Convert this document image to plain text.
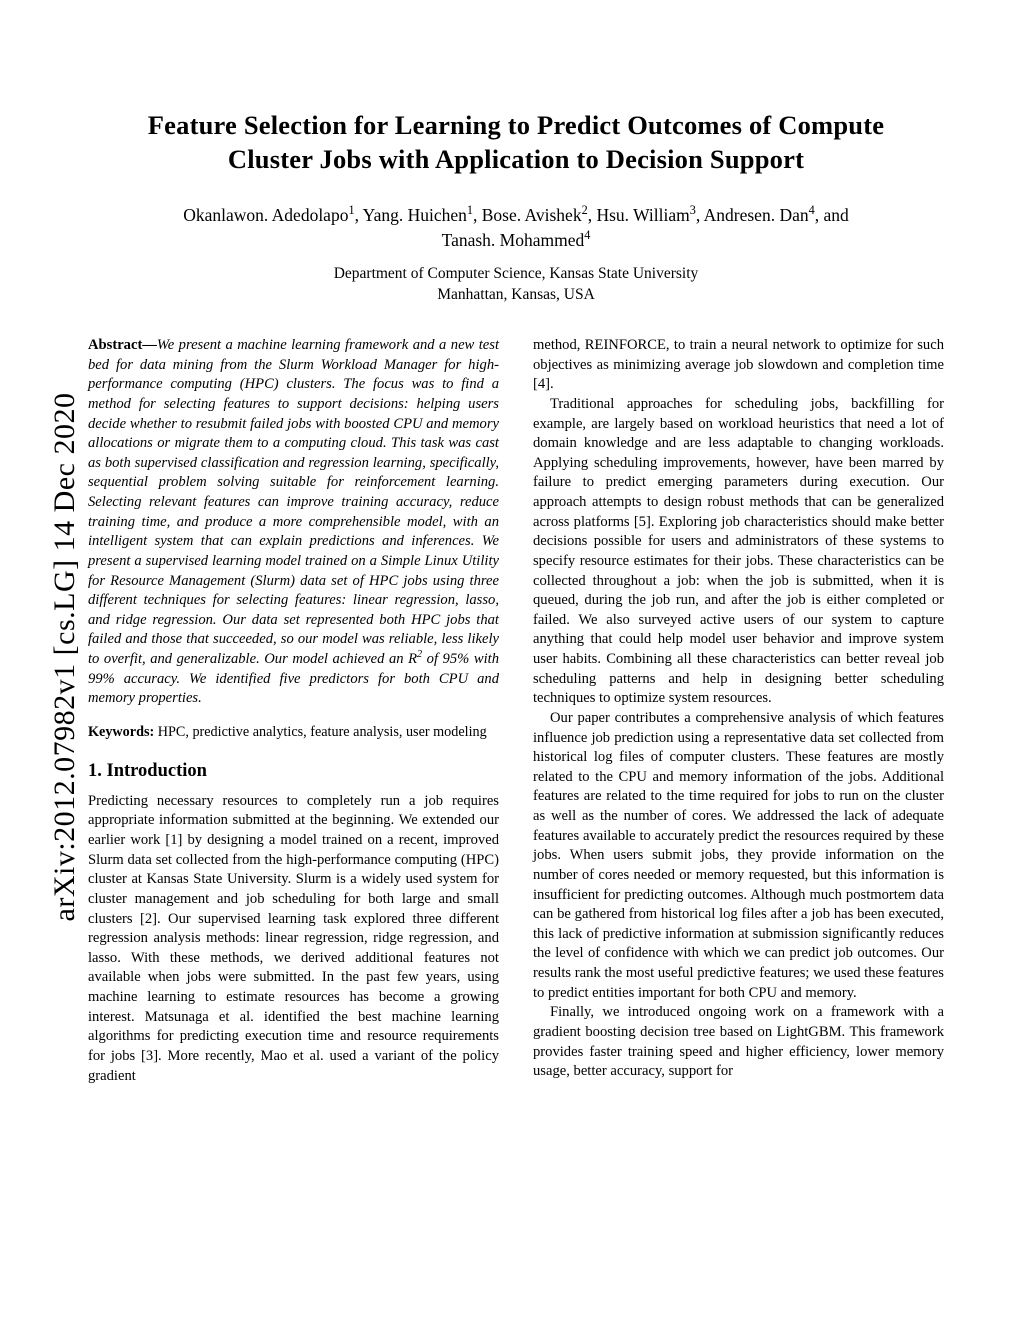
arXiv:2012.07982v1 [cs.LG] 14 Dec 2020
Feature Selection for Learning to Predict Outcomes of Compute Cluster Jobs with Application to Decision Support
Okanlawon. Adedolapo$^1$, Yang. Huichen$^1$, Bose. Avishek$^2$, Hsu. William$^3$, Andresen. Dan$^4$, and
Tanash. Mohammed$^4$
Department of Computer Science, Kansas State University
Manhattan, Kansas, USA
Abstract—We present a machine learning framework and a new test bed for data mining from the Slurm Workload Manager for high-performance computing (HPC) clusters. The focus was to find a method for selecting features to support decisions: helping users decide whether to resubmit failed jobs with boosted CPU and memory allocations or migrate them to a computing cloud. This task was cast as both supervised classification and regression learning, specifically, sequential problem solving suitable for reinforcement learning. Selecting relevant features can improve training accuracy, reduce training time, and produce a more comprehensible model, with an intelligent system that can explain predictions and inferences. We present a supervised learning model trained on a Simple Linux Utility for Resource Management (Slurm) data set of HPC jobs using three different techniques for selecting features: linear regression, lasso, and ridge regression. Our data set represented both HPC jobs that failed and those that succeeded, so our model was reliable, less likely to overfit, and generalizable. Our model achieved an $R^2$ of 95% with 99% accuracy. We identified five predictors for both CPU and memory properties.
Keywords: HPC, predictive analytics, feature analysis, user modeling
1. Introduction

Predicting necessary resources to completely run a job requires appropriate information submitted at the beginning. We extended our earlier work [1] by designing a model trained on a recent, improved Slurm data set collected from the high-performance computing (HPC) cluster at Kansas State University. Slurm is a widely used system for cluster management and job scheduling for both large and small clusters [2]. Our supervised learning task explored three different regression analysis methods: linear regression, ridge regression, and lasso. With these methods, we derived additional features not available when jobs were submitted. In the past few years, using machine learning to estimate resources has become a growing interest. Matsunaga et al. identified the best machine learning algorithms for predicting execution time and resource requirements for jobs [3]. More recently, Mao et al. used a variant of the policy gradient

method, REINFORCE, to train a neural network to optimize for such objectives as minimizing average job slowdown and completion time [4].

Traditional approaches for scheduling jobs, backfilling for example, are largely based on workload heuristics that need a lot of domain knowledge and are less adaptable to changing workloads. Applying scheduling improvements, however, have been marred by failure to predict emerging parameters during execution. Our approach attempts to design robust methods that can be generalized across platforms [5]. Exploring job characteristics should make better decisions possible for users and administrators of these systems to specify resource estimates for their jobs. These characteristics can be collected throughout a job: when the job is submitted, when it is queued, during the job run, and after the job is either completed or failed. We also surveyed active users of our system to capture anything that could help model user behavior and improve system user habits. Combining all these characteristics can better reveal job scheduling patterns and help in designing better scheduling techniques to optimize system resources.

Our paper contributes a comprehensive analysis of which features influence job prediction using a representative data set collected from historical log files of computer clusters. These features are mostly related to the CPU and memory information of the jobs. Additional features are related to the time required for jobs to run on the cluster as well as the number of cores. We addressed the lack of adequate features available to accurately predict the resources required by these jobs. When users submit jobs, they provide information on the number of cores needed or memory requested, but this information is insufficient for predicting outcomes. Although much postmortem data can be gathered from historical log files after a job has been executed, this lack of predictive information at submission significantly reduces the level of confidence with which we can predict job outcomes. Our results rank the most useful predictive features; we used these features to predict entities important for both CPU and memory.

Finally, we introduced ongoing work on a framework with a gradient boosting decision tree based on LightGBM. This framework provides faster training speed and higher efficiency, lower memory usage, better accuracy, support for
